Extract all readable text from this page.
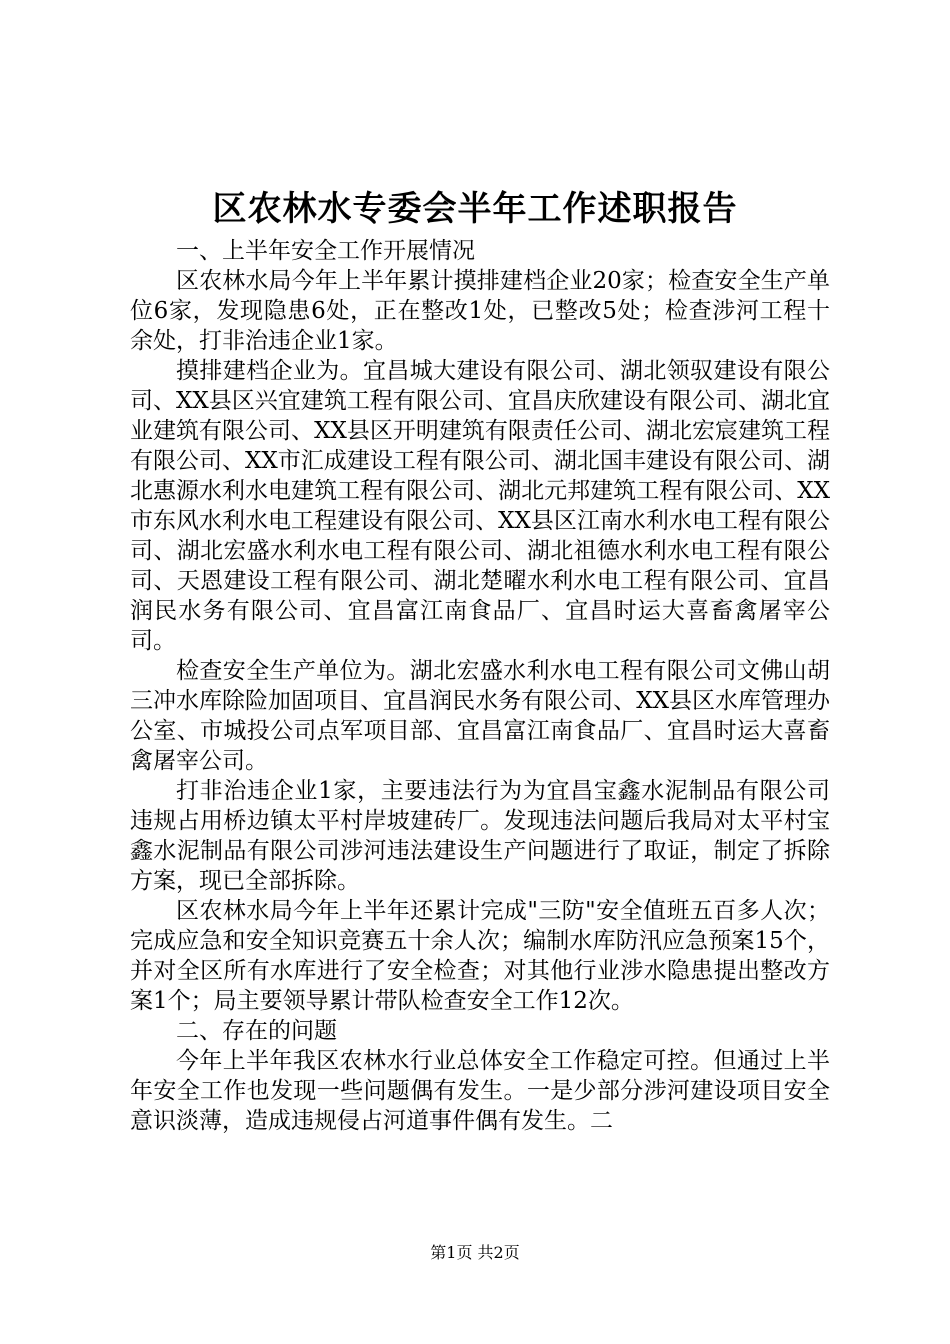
区农林水专委会半年工作述职报告

一、上半年安全工作开展情况

区农林水局今年上半年累计摸排建档企业20家；检查安全生产单位6家，发现隐患6处，正在整改1处，已整改5处；检查涉河工程十余处，打非治违企业1家。

摸排建档企业为。宜昌城大建设有限公司、湖北领驭建设有限公司、XX县区兴宜建筑工程有限公司、宜昌庆欣建设有限公司、湖北宜业建筑有限公司、XX县区开明建筑有限责任公司、湖北宏宸建筑工程有限公司、XX市汇成建设工程有限公司、湖北国丰建设有限公司、湖北惠源水利水电建筑工程有限公司、湖北元邦建筑工程有限公司、XX市东风水利水电工程建设有限公司、XX县区江南水利水电工程有限公司、湖北宏盛水利水电工程有限公司、湖北祖德水利水电工程有限公司、天恩建设工程有限公司、湖北楚曜水利水电工程有限公司、宜昌润民水务有限公司、宜昌富江南食品厂、宜昌时运大喜畜禽屠宰公司。

检查安全生产单位为。湖北宏盛水利水电工程有限公司文佛山胡三冲水库除险加固项目、宜昌润民水务有限公司、XX县区水库管理办公室、市城投公司点军项目部、宜昌富江南食品厂、宜昌时运大喜畜禽屠宰公司。

打非治违企业1家，主要违法行为为宜昌宝鑫水泥制品有限公司违规占用桥边镇太平村岸坡建砖厂。发现违法问题后我局对太平村宝鑫水泥制品有限公司涉河违法建设生产问题进行了取证，制定了拆除方案，现已全部拆除。

区农林水局今年上半年还累计完成"三防"安全值班五百多人次；完成应急和安全知识竞赛五十余人次；编制水库防汛应急预案15个，并对全区所有水库进行了安全检查；对其他行业涉水隐患提出整改方案1个；局主要领导累计带队检查安全工作12次。

二、存在的问题

今年上半年我区农林水行业总体安全工作稳定可控。但通过上半年安全工作也发现一些问题偶有发生。一是少部分涉河建设项目安全意识淡薄，造成违规侵占河道事件偶有发生。二

第1页 共2页
